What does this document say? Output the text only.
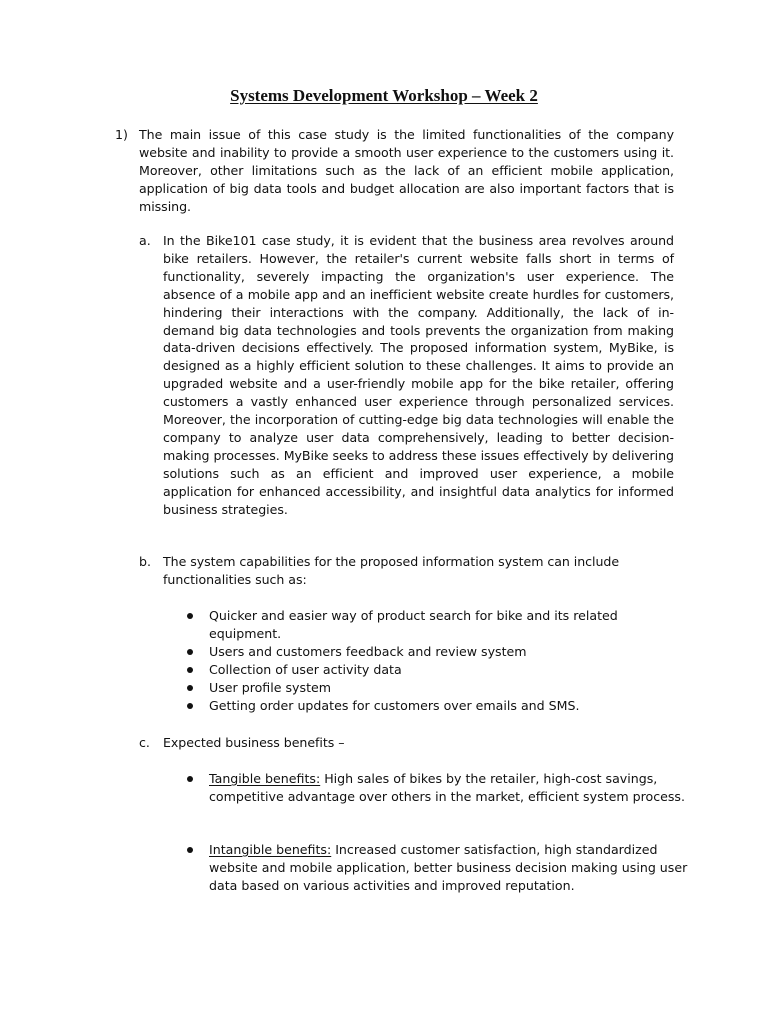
Systems Development Workshop – Week 2
1) The main issue of this case study is the limited functionalities of the company website and inability to provide a smooth user experience to the customers using it. Moreover, other limitations such as the lack of an efficient mobile application, application of big data tools and budget allocation are also important factors that is missing.
a. In the Bike101 case study, it is evident that the business area revolves around bike retailers. However, the retailer's current website falls short in terms of functionality, severely impacting the organization's user experience. The absence of a mobile app and an inefficient website create hurdles for customers, hindering their interactions with the company. Additionally, the lack of in-demand big data technologies and tools prevents the organization from making data-driven decisions effectively. The proposed information system, MyBike, is designed as a highly efficient solution to these challenges. It aims to provide an upgraded website and a user-friendly mobile app for the bike retailer, offering customers a vastly enhanced user experience through personalized services. Moreover, the incorporation of cutting-edge big data technologies will enable the company to analyze user data comprehensively, leading to better decision-making processes. MyBike seeks to address these issues effectively by delivering solutions such as an efficient and improved user experience, a mobile application for enhanced accessibility, and insightful data analytics for informed business strategies.
b. The system capabilities for the proposed information system can include functionalities such as:
Quicker and easier way of product search for bike and its related equipment.
Users and customers feedback and review system
Collection of user activity data
User profile system
Getting order updates for customers over emails and SMS.
c. Expected business benefits –
Tangible benefits: High sales of bikes by the retailer, high-cost savings, competitive advantage over others in the market, efficient system process.
Intangible benefits: Increased customer satisfaction, high standardized website and mobile application, better business decision making using user data based on various activities and improved reputation.
